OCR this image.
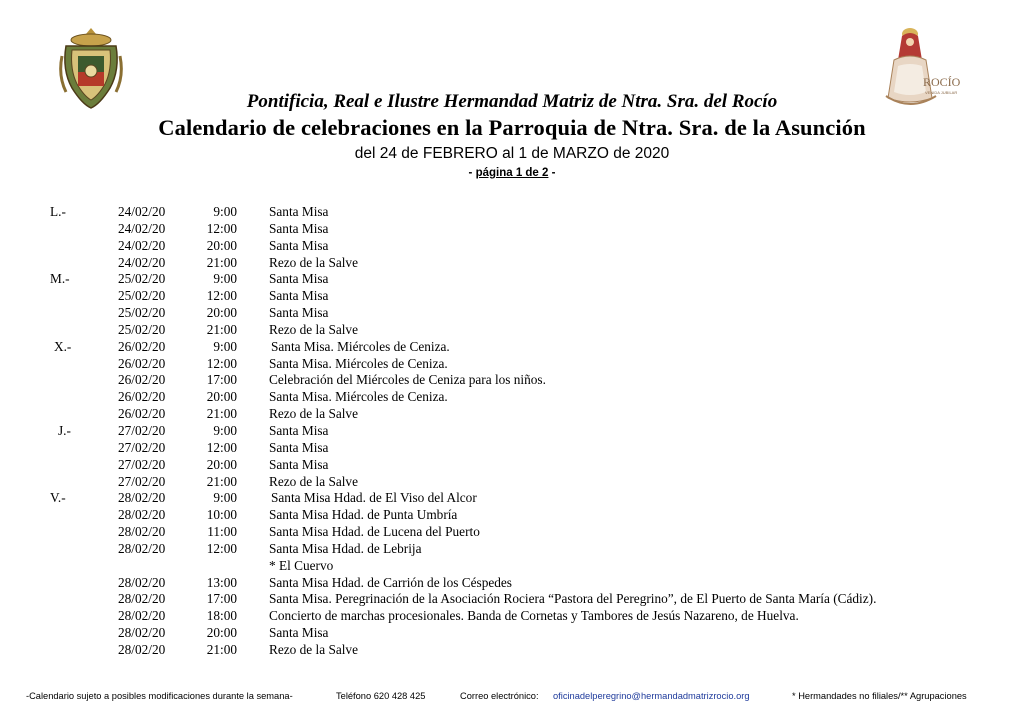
ROCÍO
VENIDA JUBILAR
Pontificia, Real e Ilustre Hermandad Matriz de Ntra. Sra. del Rocío
Calendario de celebraciones en la Parroquia de Ntra. Sra. de la Asunción
del 24 de FEBRERO al 1 de MARZO de 2020
- página 1 de 2 -
L.-	24/02/20	9:00 Santa Misa
24/02/20	12:00 Santa Misa
24/02/20	20:00 Santa Misa
24/02/20	21:00 Rezo de la Salve
M.-	25/02/20	9:00 Santa Misa
25/02/20	12:00 Santa Misa
25/02/20	20:00 Santa Misa
25/02/20	21:00 Rezo de la Salve
X.-	26/02/20	9:00	Santa Misa. Miércoles de Ceniza.
26/02/20	12:00 Santa Misa. Miércoles de Ceniza.
26/02/20	17:00 Celebración del Miércoles de Ceniza para los niños.
26/02/20	20:00 Santa Misa. Miércoles de Ceniza.
26/02/20	21:00 Rezo de la Salve
J.-	27/02/20	9:00 Santa Misa
27/02/20	12:00 Santa Misa
27/02/20	20:00 Santa Misa
27/02/20	21:00 Rezo de la Salve
V.-	28/02/20	9:00	Santa Misa Hdad. de El Viso del Alcor
28/02/20	10:00 Santa Misa Hdad. de Punta Umbría
28/02/20	11:00 Santa Misa Hdad. de Lucena del Puerto
28/02/20	12:00 Santa Misa Hdad. de Lebrija
* El Cuervo
28/02/20	13:00 Santa Misa Hdad. de Carrión de los Céspedes
28/02/20	17:00 Santa Misa. Peregrinación de la Asociación Rociera “Pastora del Peregrino”, de El Puerto de Santa María (Cádiz).
28/02/20	18:00 Concierto de marchas procesionales. Banda de Cornetas y Tambores de Jesús Nazareno, de Huelva.
28/02/20	20:00 Santa Misa
28/02/20	21:00 Rezo de la Salve
-Calendario sujeto a posibles modificaciones durante la semana-	Teléfono 620 428 425	Correo electrónico: oficinadelperegrino@hermandadmatrizrocio.org	* Hermandades no filiales/** Agrupaciones
